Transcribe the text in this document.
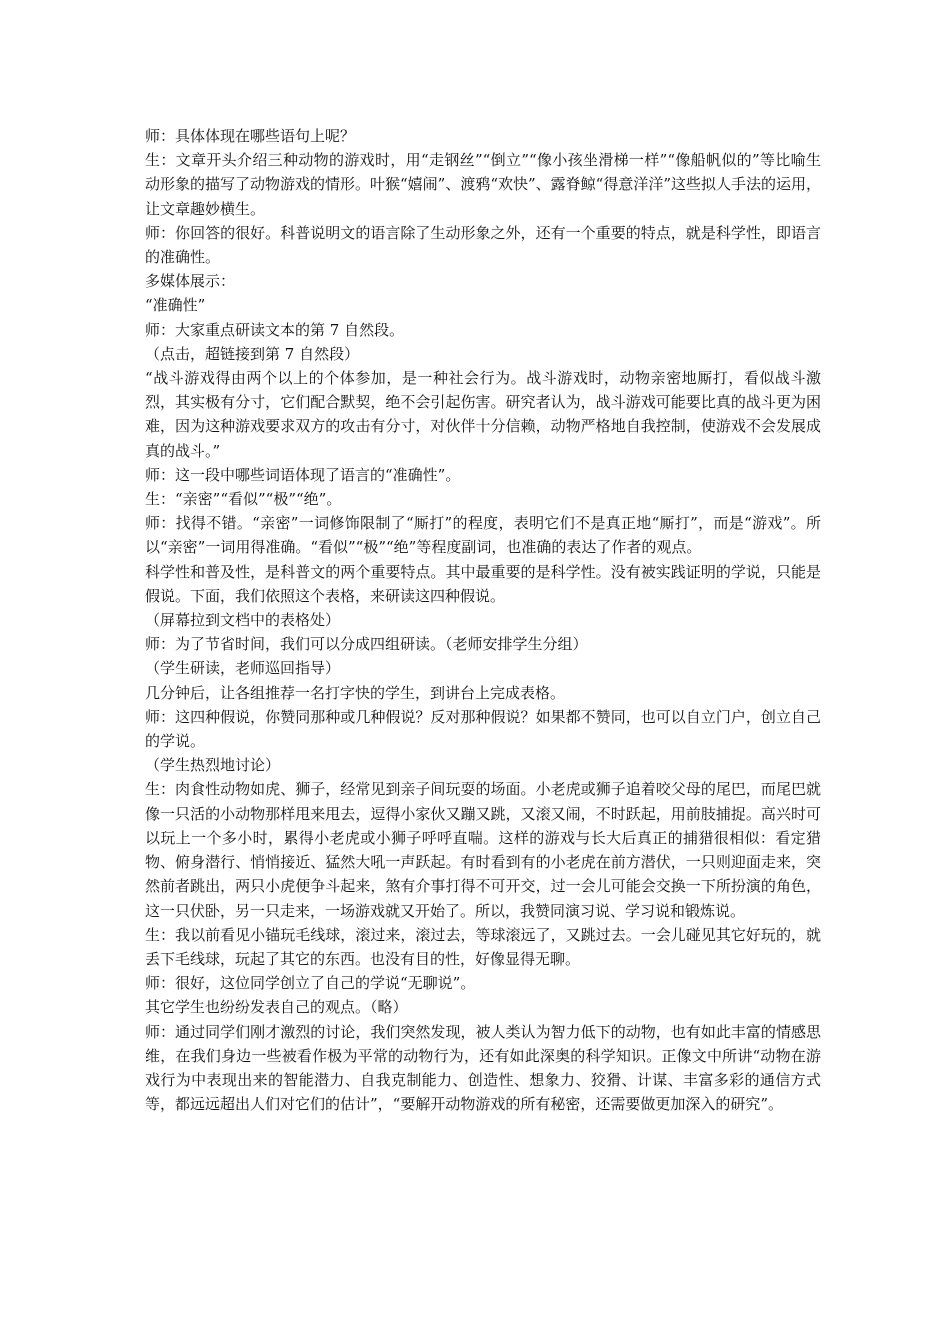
师：具体体现在哪些语句上呢？

生：文章开头介绍三种动物的游戏时，用“走钢丝”“倒立”“像小孩坐滑梯一样”“像船帆似的”等比喻生动形象的描写了动物游戏的情形。叶猴“嬉闹”、渡鸦“欢快”、露脊鲸“得意洋洋”这些拟人手法的运用，让文章趣妙横生。

师：你回答的很好。科普说明文的语言除了生动形象之外，还有一个重要的特点，就是科学性，即语言的准确性。

多媒体展示：

“准确性”

师：大家重点研读文本的第 7 自然段。

（点击，超链接到第 7 自然段）

“战斗游戏得由两个以上的个体参加，是一种社会行为。战斗游戏时，动物亲密地厮打，看似战斗激烈，其实极有分寸，它们配合默契，绝不会引起伤害。研究者认为，战斗游戏可能要比真的战斗更为困难，因为这种游戏要求双方的攻击有分寸，对伙伴十分信赖，动物严格地自我控制，使游戏不会发展成真的战斗。”

师：这一段中哪些词语体现了语言的“准确性”。

生：“亲密”“看似”“极”“绝”。

师：找得不错。“亲密”一词修饰限制了“厮打”的程度，表明它们不是真正地“厮打”，而是“游戏”。所以“亲密”一词用得准确。“看似”“极”“绝”等程度副词，也准确的表达了作者的观点。

科学性和普及性，是科普文的两个重要特点。其中最重要的是科学性。没有被实践证明的学说，只能是假说。下面，我们依照这个表格，来研读这四种假说。

（屏幕拉到文档中的表格处）

师：为了节省时间，我们可以分成四组研读。（老师安排学生分组）

（学生研读，老师巡回指导）

几分钟后，让各组推荐一名打字快的学生，到讲台上完成表格。

师：这四种假说，你赞同那种或几种假说？反对那种假说？如果都不赞同，也可以自立门户，创立自己的学说。

（学生热烈地讨论）

生：肉食性动物如虎、狮子，经常见到亲子间玩耍的场面。小老虎或狮子追着咬父母的尾巴，而尾巴就像一只活的小动物那样甩来甩去，逗得小家伙又蹦又跳，又滚又闹，不时跃起，用前肢捕捉。高兴时可以玩上一个多小时，累得小老虎或小狮子呼呼直喘。这样的游戏与长大后真正的捕猎很相似：看定猎物、俯身潜行、悄悄接近、猛然大吼一声跃起。有时看到有的小老虎在前方潜伏，一只则迎面走来，突然前者跳出，两只小虎便争斗起来，煞有介事打得不可开交，过一会儿可能会交换一下所扮演的角色，这一只伏卧，另一只走来，一场游戏就又开始了。所以，我赞同演习说、学习说和锻炼说。

生：我以前看见小锚玩毛线球，滚过来，滚过去，等球滚远了，又跳过去。一会儿碰见其它好玩的，就丢下毛线球，玩起了其它的东西。也没有目的性，好像显得无聊。

师：很好，这位同学创立了自己的学说“无聊说”。

其它学生也纷纷发表自己的观点。（略）

师：通过同学们刚才激烈的讨论，我们突然发现，被人类认为智力低下的动物，也有如此丰富的情感思维，在我们身边一些被看作极为平常的动物行为，还有如此深奥的科学知识。正像文中所讲“动物在游戏行为中表现出来的智能潜力、自我克制能力、创造性、想象力、狡猾、计谋、丰富多彩的通信方式等，都远远超出人们对它们的估计”，“要解开动物游戏的所有秘密，还需要做更加深入的研究”。
